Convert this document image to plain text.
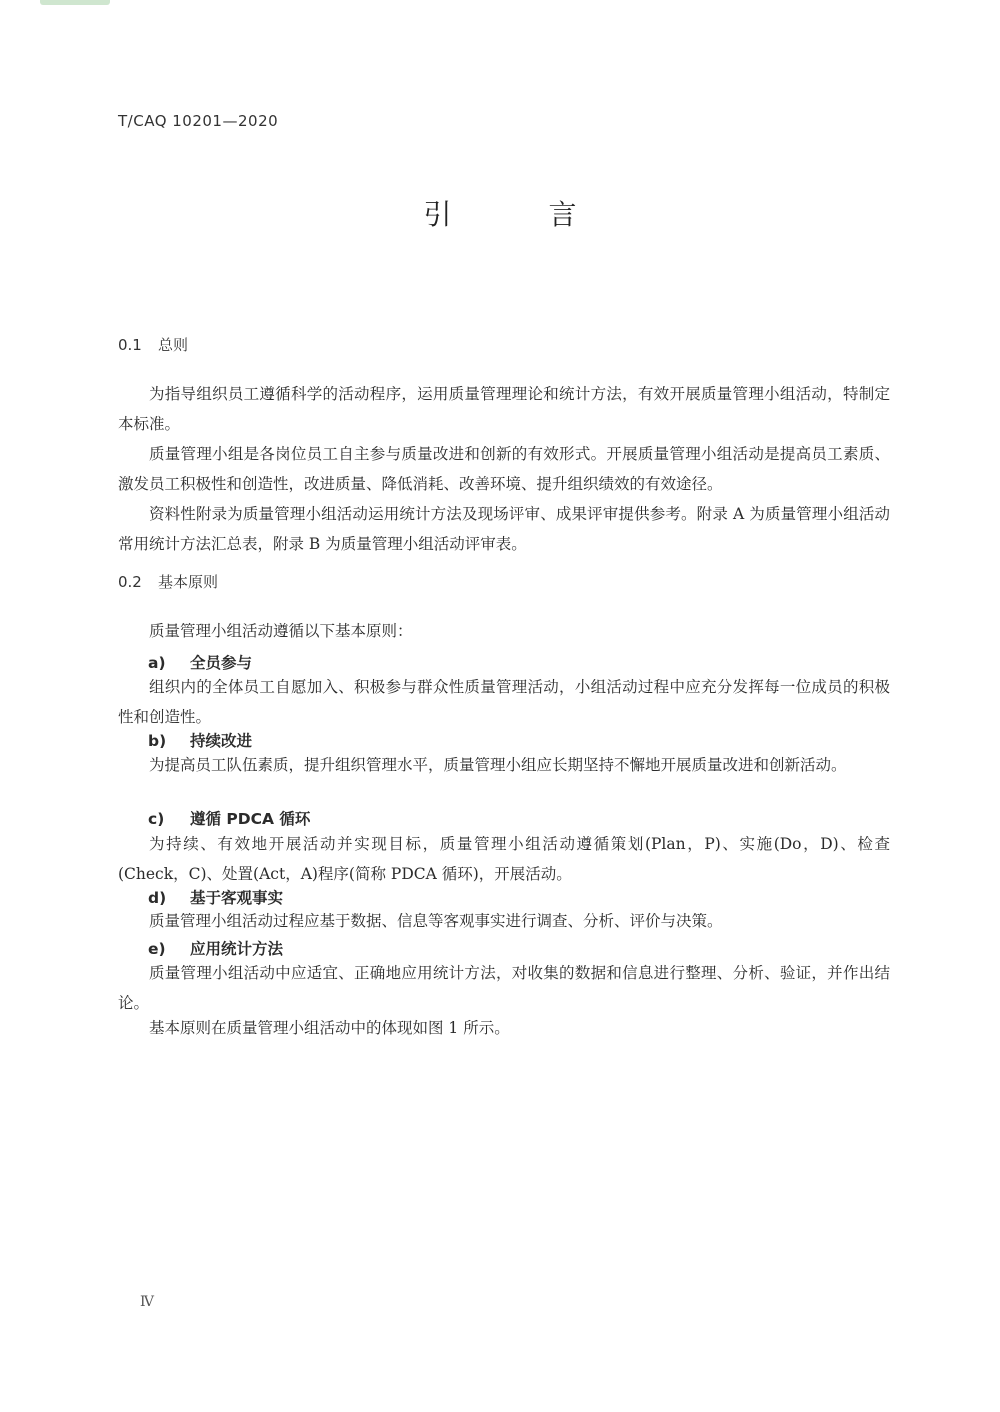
T/CAQ 10201—2020
引 言
0.1 总则

为指导组织员工遵循科学的活动程序，运用质量管理理论和统计方法，有效开展质量管理小组活动，特制定本标准。

质量管理小组是各岗位员工自主参与质量改进和创新的有效形式。开展质量管理小组活动是提高员工素质、激发员工积极性和创造性，改进质量、降低消耗、改善环境、提升组织绩效的有效途径。

资料性附录为质量管理小组活动运用统计方法及现场评审、成果评审提供参考。附录 A 为质量管理小组活动常用统计方法汇总表，附录 B 为质量管理小组活动评审表。

0.2 基本原则

质量管理小组活动遵循以下基本原则：

a) 全员参与

组织内的全体员工自愿加入、积极参与群众性质量管理活动，小组活动过程中应充分发挥每一位成员的积极性和创造性。

b) 持续改进

为提高员工队伍素质，提升组织管理水平，质量管理小组应长期坚持不懈地开展质量改进和创新活动。

c) 遵循 PDCA 循环

为持续、有效地开展活动并实现目标，质量管理小组活动遵循策划(Plan，P)、实施(Do，D)、检查(Check，C)、处置(Act，A)程序(简称 PDCA 循环)，开展活动。

d) 基于客观事实

质量管理小组活动过程应基于数据、信息等客观事实进行调查、分析、评价与决策。

e) 应用统计方法

质量管理小组活动中应适宜、正确地应用统计方法，对收集的数据和信息进行整理、分析、验证，并作出结论。

基本原则在质量管理小组活动中的体现如图 1 所示。

Ⅳ
